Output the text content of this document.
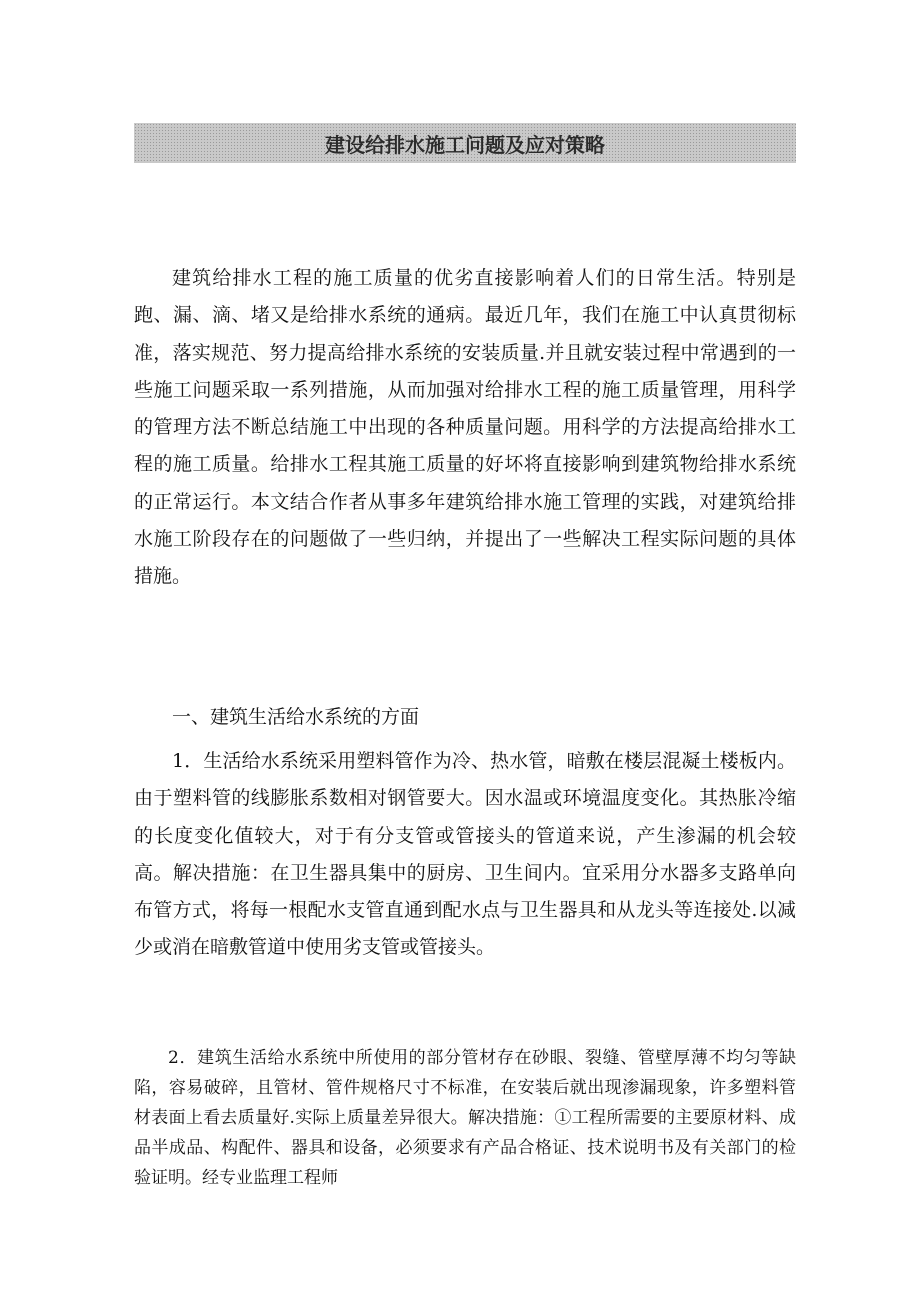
建设给排水施工问题及应对策略

建筑给排水工程的施工质量的优劣直接影响着人们的日常生活。特别是跑、漏、滴、堵又是给排水系统的通病。最近几年，我们在施工中认真贯彻标准，落实规范、努力提高给排水系统的安装质量.并且就安装过程中常遇到的一些施工问题采取一系列措施，从而加强对给排水工程的施工质量管理，用科学的管理方法不断总结施工中出现的各种质量问题。用科学的方法提高给排水工程的施工质量。给排水工程其施工质量的好坏将直接影响到建筑物给排水系统的正常运行。本文结合作者从事多年建筑给排水施工管理的实践，对建筑给排水施工阶段存在的问题做了一些归纳，并提出了一些解决工程实际问题的具体措施。

一、建筑生活给水系统的方面

1．生活给水系统采用塑料管作为冷、热水管，暗敷在楼层混凝土楼板内。由于塑料管的线膨胀系数相对钢管要大。因水温或环境温度变化。其热胀冷缩的长度变化值较大，对于有分支管或管接头的管道来说，产生渗漏的机会较高。解决措施：在卫生器具集中的厨房、卫生间内。宜采用分水器多支路单向布管方式，将每一根配水支管直通到配水点与卫生器具和从龙头等连接处.以减少或消在暗敷管道中使用劣支管或管接头。

2．建筑生活给水系统中所使用的部分管材存在砂眼、裂缝、管壁厚薄不均匀等缺陷，容易破碎，且管材、管件规格尺寸不标准，在安装后就出现渗漏现象，许多塑料管材表面上看去质量好.实际上质量差异很大。解决措施：①工程所需要的主要原材料、成品半成品、构配件、器具和设备，必须要求有产品合格证、技术说明书及有关部门的检验证明。经专业监理工程师
